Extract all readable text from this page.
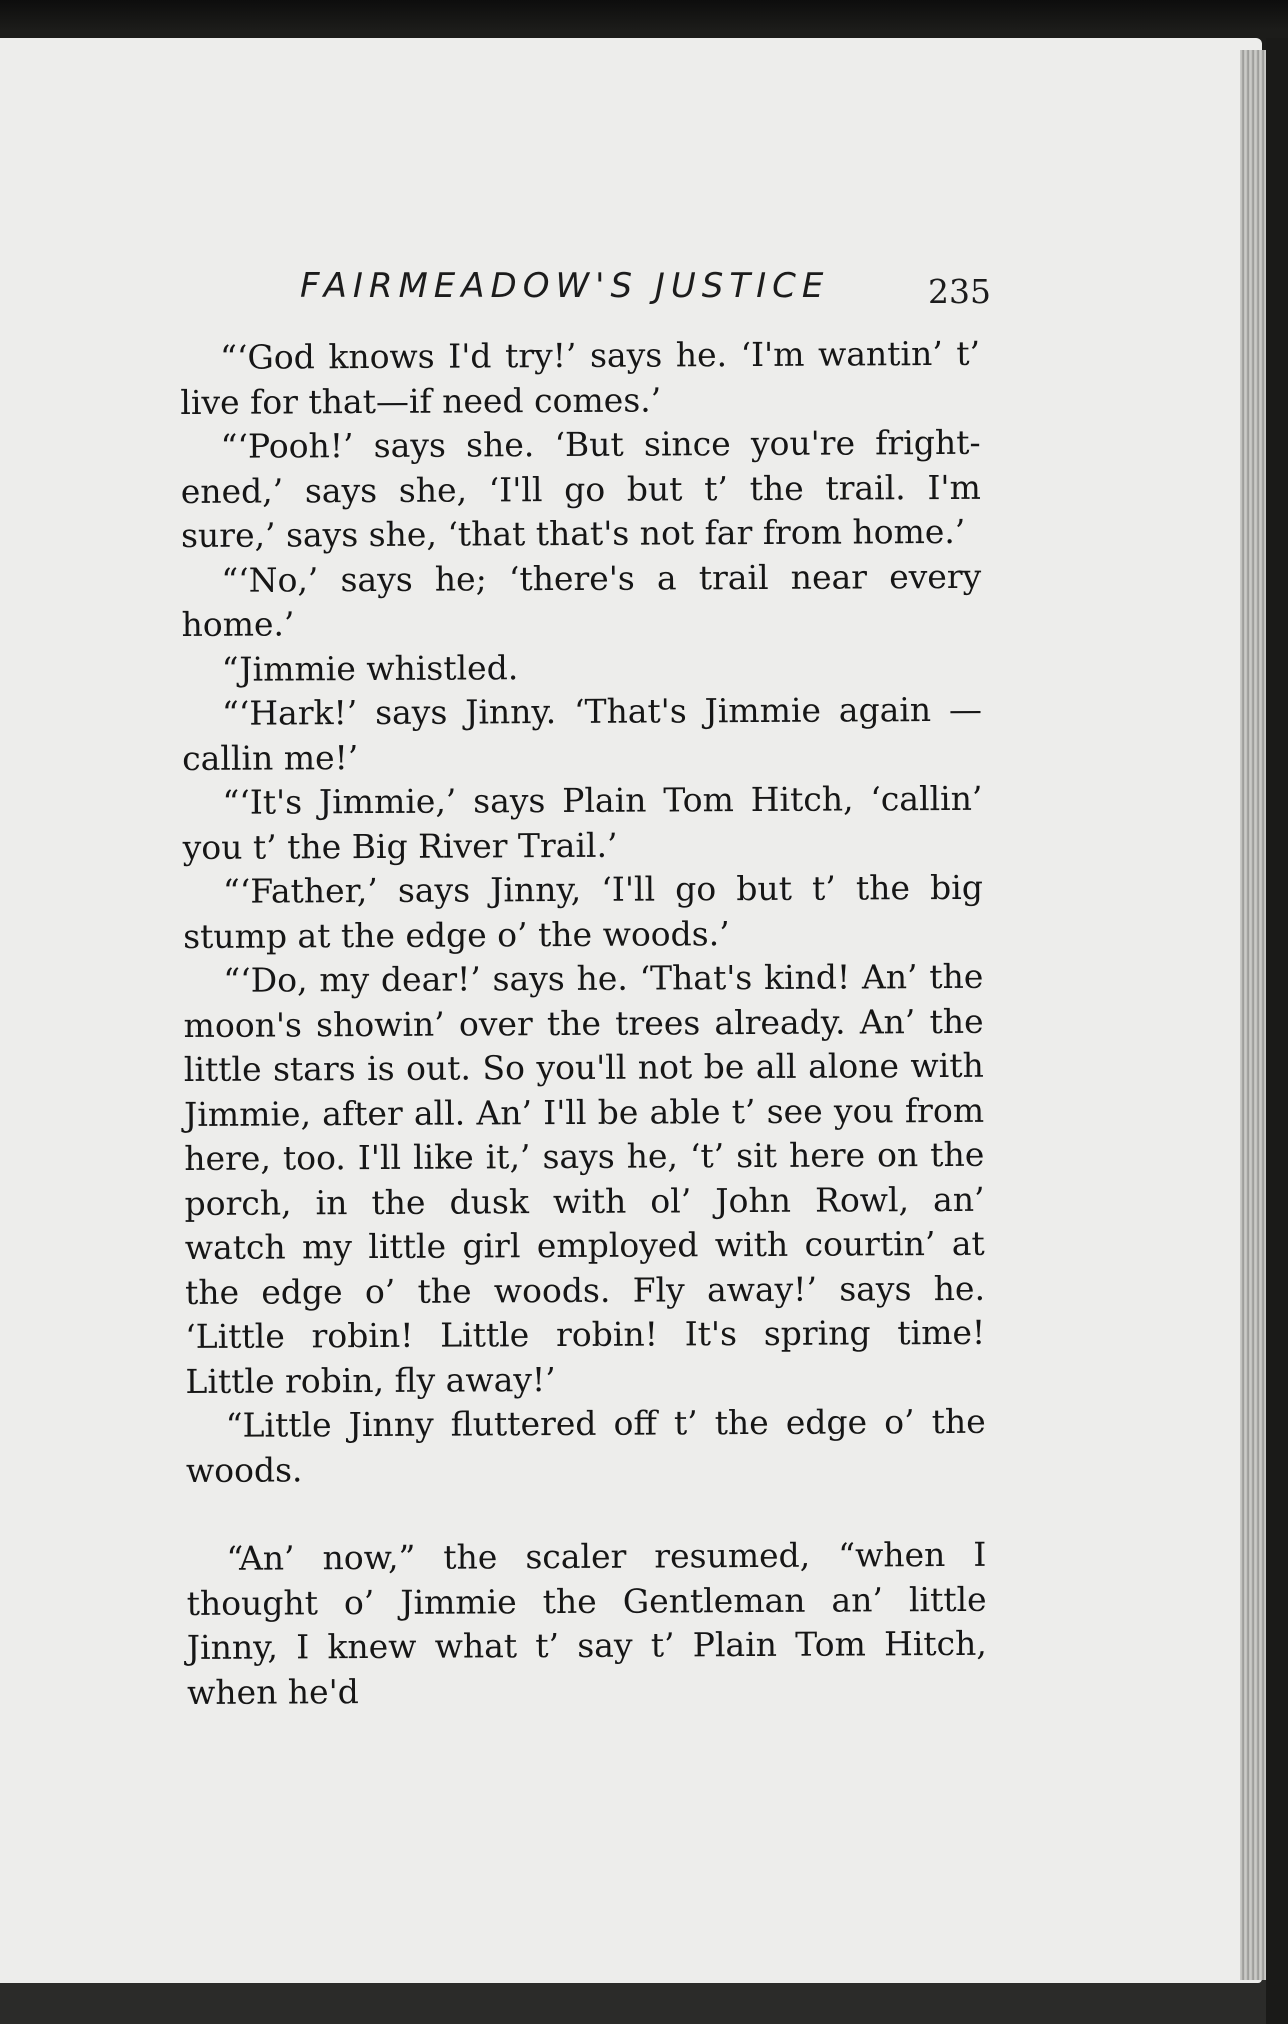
FAIRMEADOW'S JUSTICE	235

“‘God knows I'd try!’ says he. ‘I'm wantin’ t’ live for that—if need comes.’

“‘Pooh!’ says she. ‘But since you're fright-ened,’ says she, ‘I'll go but t’ the trail. I'm sure,’ says she, ‘that that's not far from home.’

“‘No,’ says he; ‘there's a trail near every home.’

“Jimmie whistled.

“‘Hark!’ says Jinny. ‘That's Jimmie again —callin me!’

“‘It's Jimmie,’ says Plain Tom Hitch, ‘callin’ you t’ the Big River Trail.’

“‘Father,’ says Jinny, ‘I'll go but t’ the big stump at the edge o’ the woods.’

“‘Do, my dear!’ says he. ‘That's kind! An’ the moon's showin’ over the trees already. An’ the little stars is out. So you'll not be all alone with Jimmie, after all. An’ I'll be able t’ see you from here, too. I'll like it,’ says he, ‘t’ sit here on the porch, in the dusk with ol’ John Rowl, an’ watch my little girl employed with courtin’ at the edge o’ the woods. Fly away!’ says he. ‘Little robin! Little robin! It's spring time! Little robin, fly away!’

“Little Jinny fluttered off t’ the edge o’ the woods.

“An’ now,” the scaler resumed, “when I thought o’ Jimmie the Gentleman an’ little Jinny, I knew what t’ say t’ Plain Tom Hitch, when he'd
